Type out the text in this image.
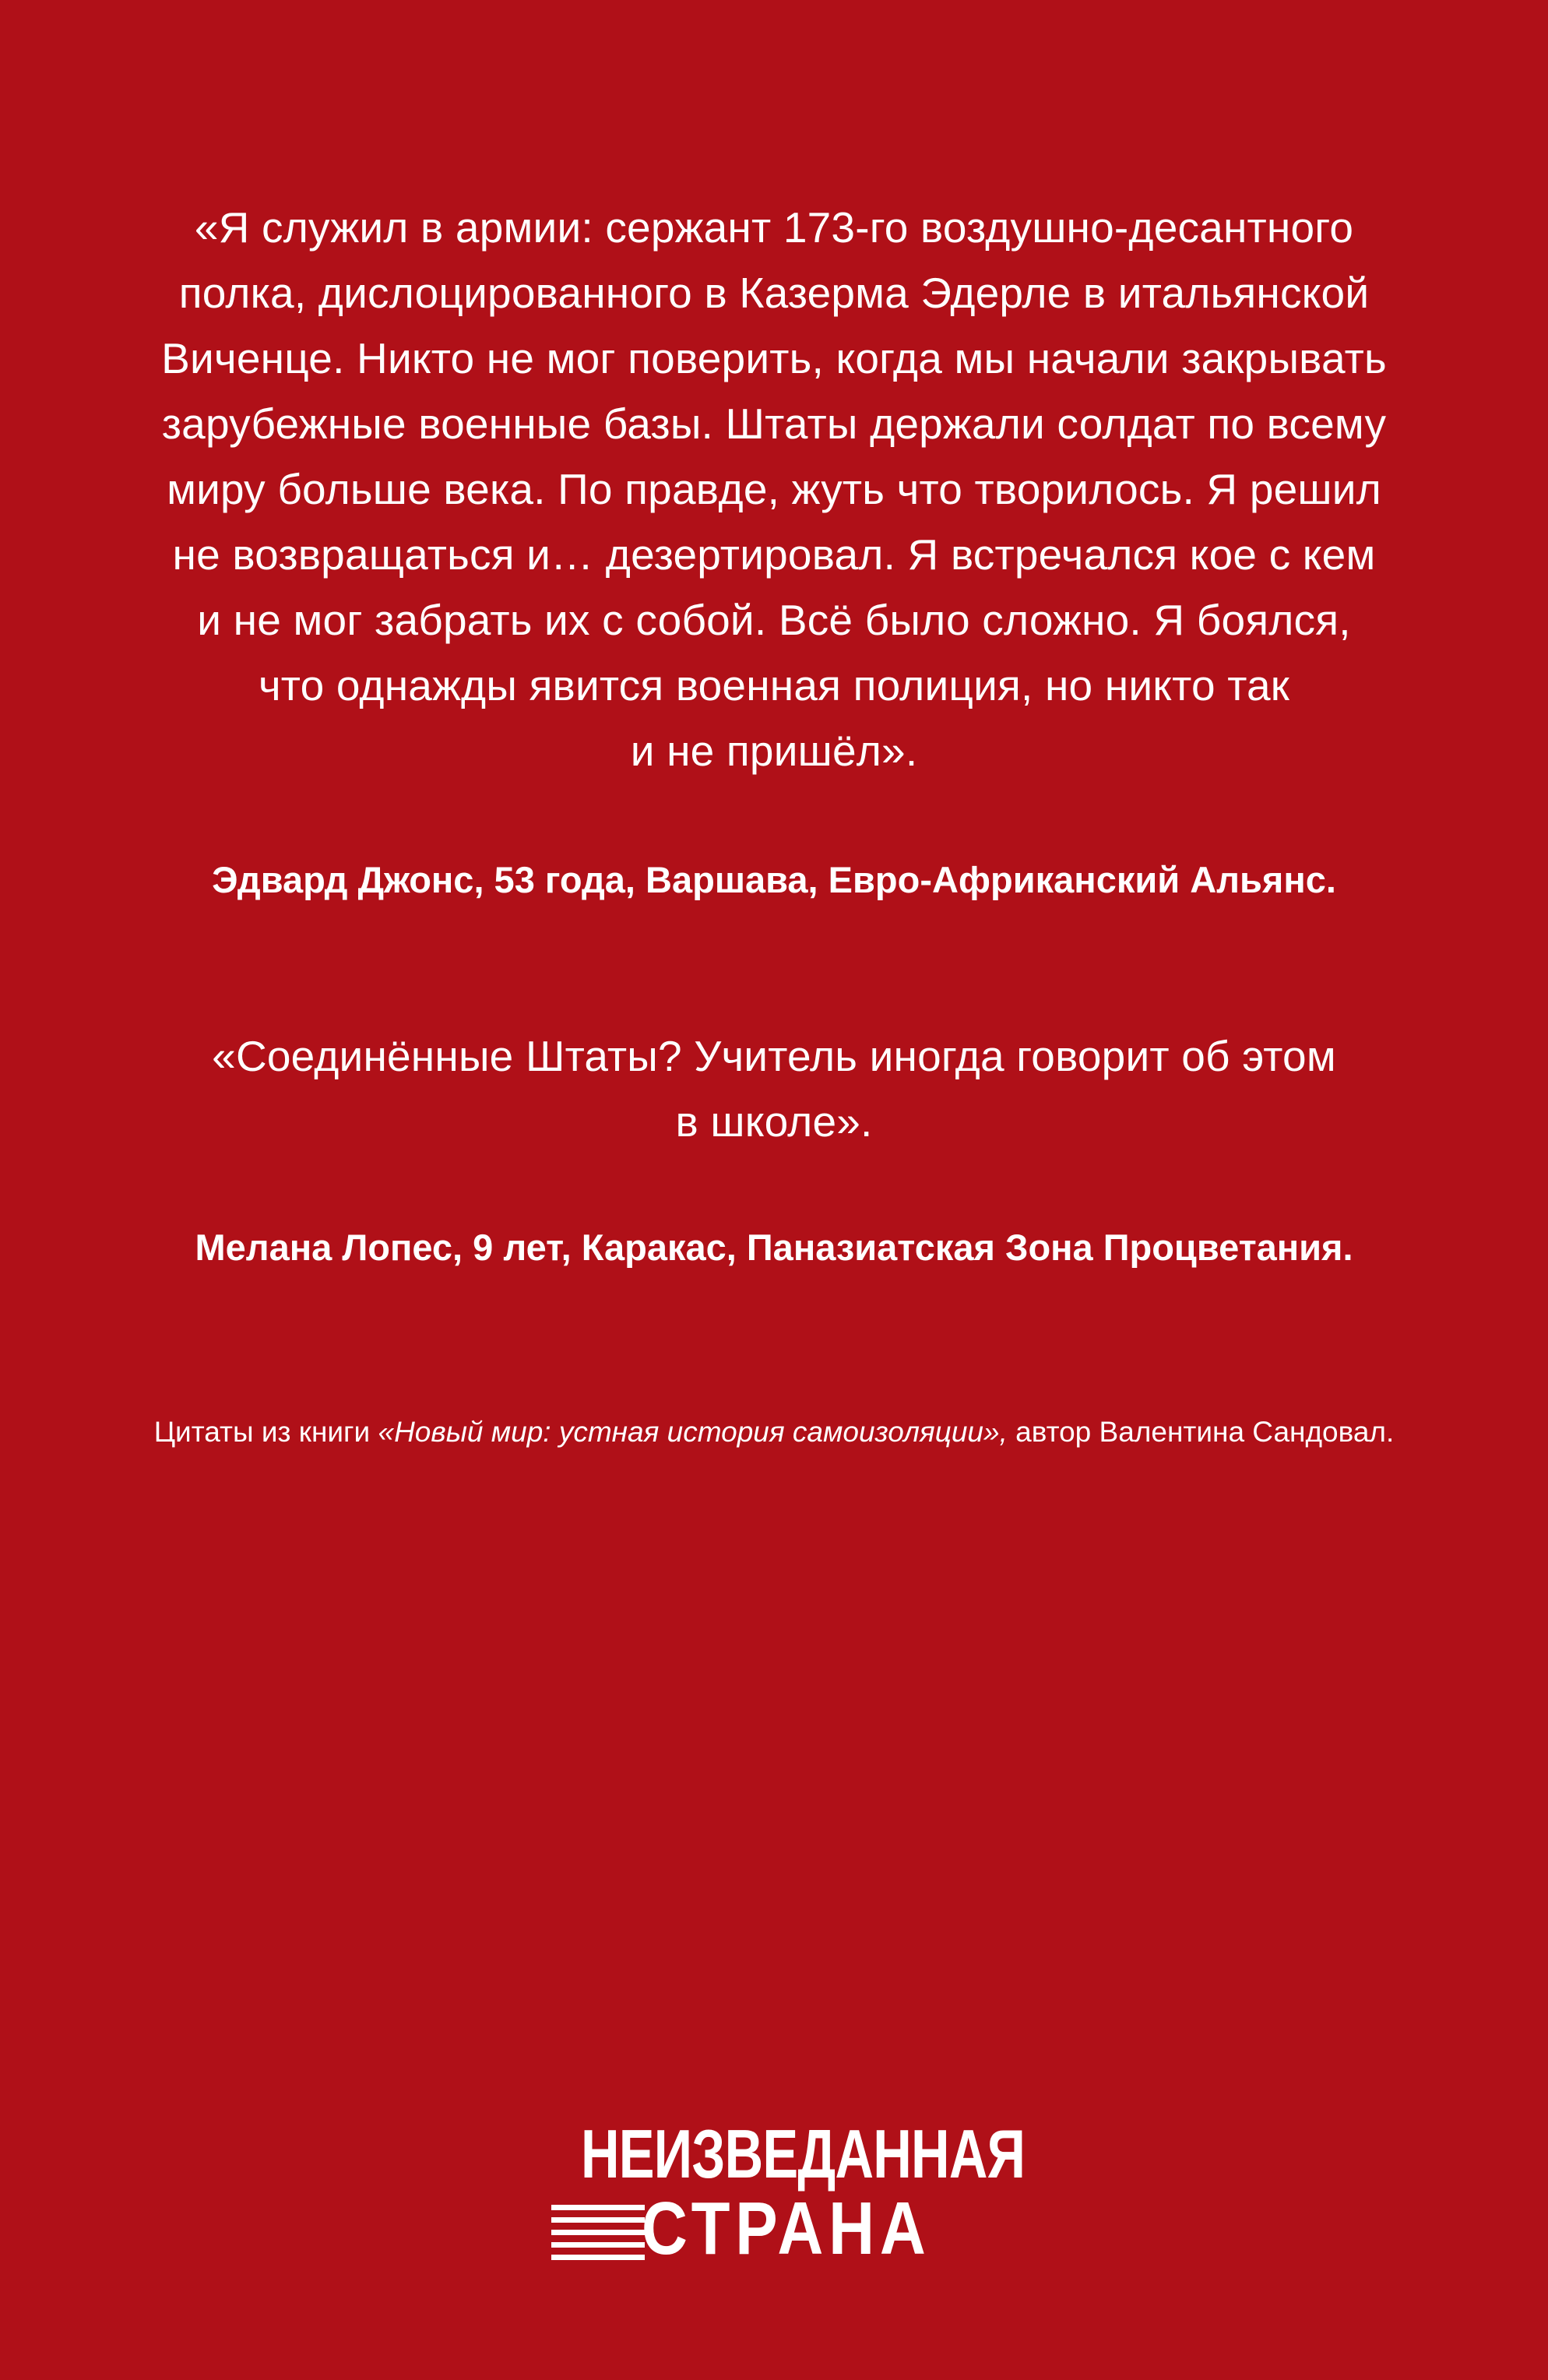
«Я служил в армии: сержант 173-го воздушно-десантного
полка, дислоцированного в Казерма Эдерле в итальянской
Виченце. Никто не мог поверить, когда мы начали закрывать
зарубежные военные базы. Штаты держали солдат по всему
миру больше века. По правде, жуть что творилось. Я решил
не возвращаться и… дезертировал. Я встречался кое с кем
и не мог забрать их с собой. Всё было сложно. Я боялся,
что однажды явится военная полиция, но никто так
и не пришёл».
Эдвард Джонс, 53 года, Варшава, Евро-Африканский Альянс.
«Соединённые Штаты? Учитель иногда говорит об этом
в школе».
Мелана Лопес, 9 лет, Каракас, Паназиатская Зона Процветания.
Цитаты из книги «Новый мир: устная история самоизоляции», автор Валентина Сандовал.
НЕИЗВЕДАННАЯ
СТРАНА
